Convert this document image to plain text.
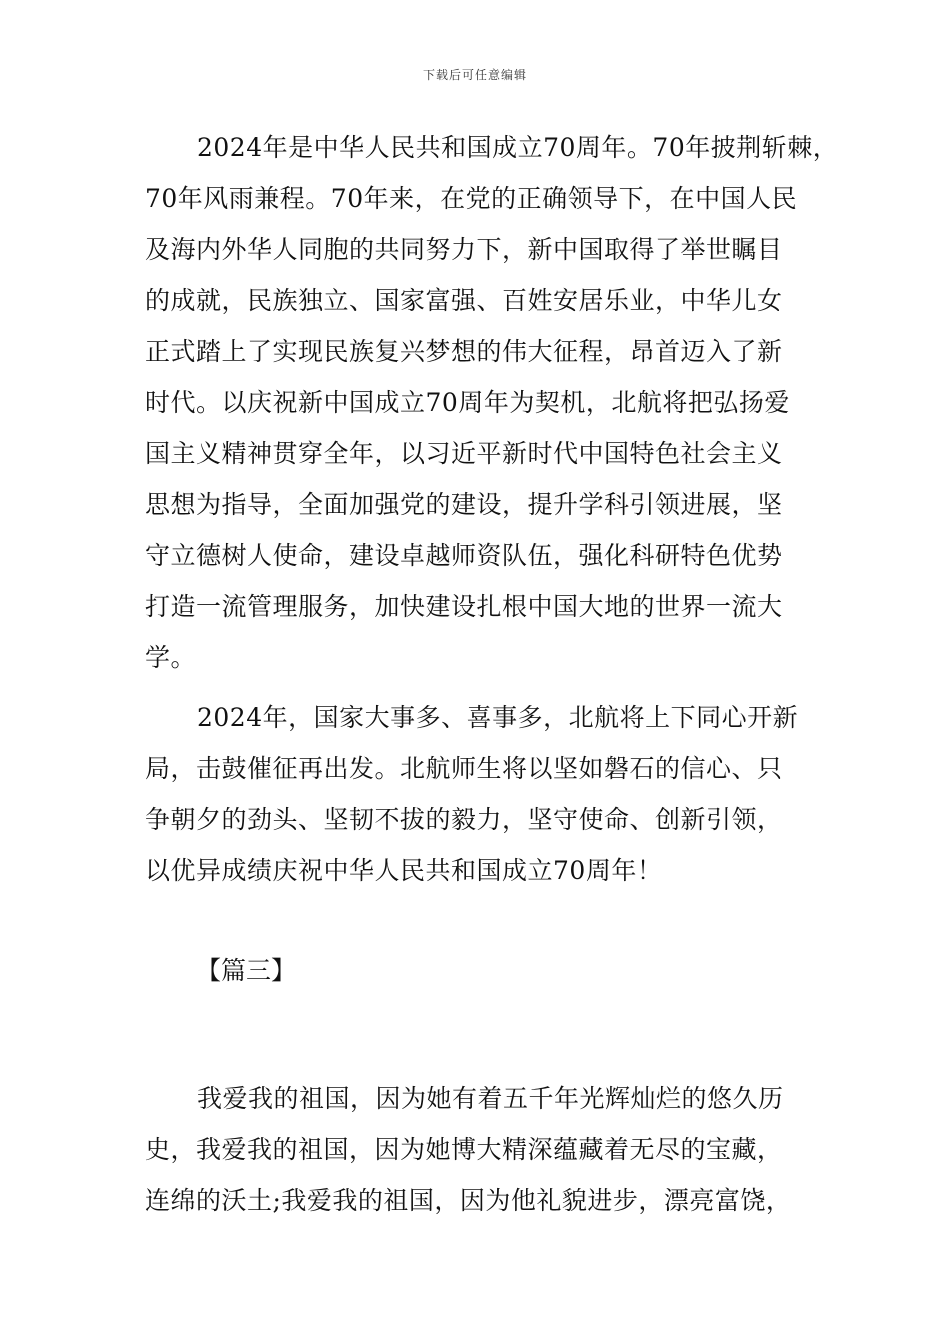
下载后可任意编辑
2024年是中华人民共和国成立70周年。70年披荆斩棘，
70年风雨兼程。70年来，在党的正确领导下，在中国人民
及海内外华人同胞的共同努力下，新中国取得了举世瞩目
的成就，民族独立、国家富强、百姓安居乐业，中华儿女
正式踏上了实现民族复兴梦想的伟大征程，昂首迈入了新
时代。以庆祝新中国成立70周年为契机，北航将把弘扬爱
国主义精神贯穿全年，以习近平新时代中国特色社会主义
思想为指导，全面加强党的建设，提升学科引领进展，坚
守立德树人使命，建设卓越师资队伍，强化科研特色优势
打造一流管理服务，加快建设扎根中国大地的世界一流大
学。
2024年，国家大事多、喜事多，北航将上下同心开新
局，击鼓催征再出发。北航师生将以坚如磐石的信心、只
争朝夕的劲头、坚韧不拔的毅力，坚守使命、创新引领，
以优异成绩庆祝中华人民共和国成立70周年！
【篇三】
我爱我的祖国，因为她有着五千年光辉灿烂的悠久历
史，我爱我的祖国，因为她博大精深蕴藏着无尽的宝藏，
连绵的沃土;我爱我的祖国，因为他礼貌进步，漂亮富饶，
